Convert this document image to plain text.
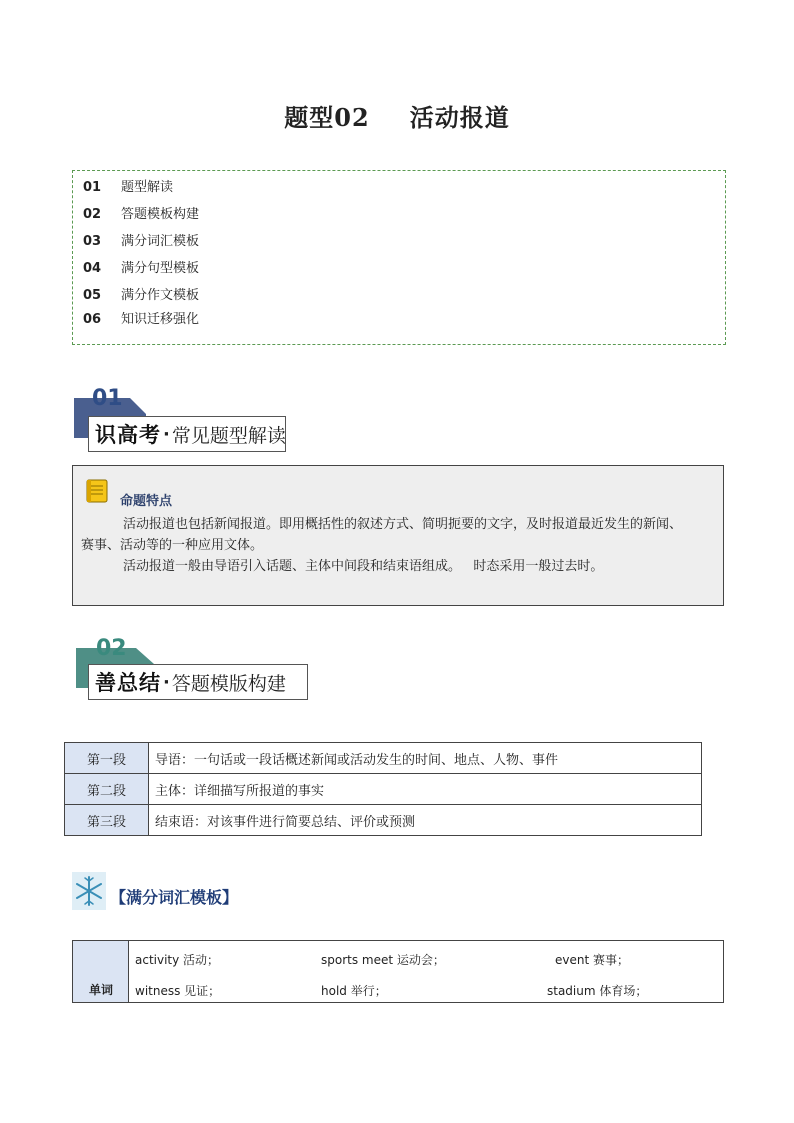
题型02 活动报道
01 题型解读
02 答题模板构建
03 满分词汇模板
04 满分句型模板
05 满分作文模板
06 知识迁移强化
01
识高考 · 常见题型解读
命题特点
活动报道也包括新闻报道。即用概括性的叙述方式、简明扼要的文字，及时报道最近发生的新闻、
赛事、活动等的一种应用文体。
活动报道一般由导语引入话题、主体中间段和结束语组成。   时态采用一般过去时。
02
善总结 · 答题模版构建
第一段	导语：一句话或一段话概述新闻或活动发生的时间、地点、人物、事件
第二段	主体：详细描写所报道的事实
第三段	结束语：对该事件进行简要总结、评价或预测
【满分词汇模板】
单词
activity 活动；	sports meet 运动会；	event 赛事；
witness 见证；	hold 举行；	stadium 体育场；
